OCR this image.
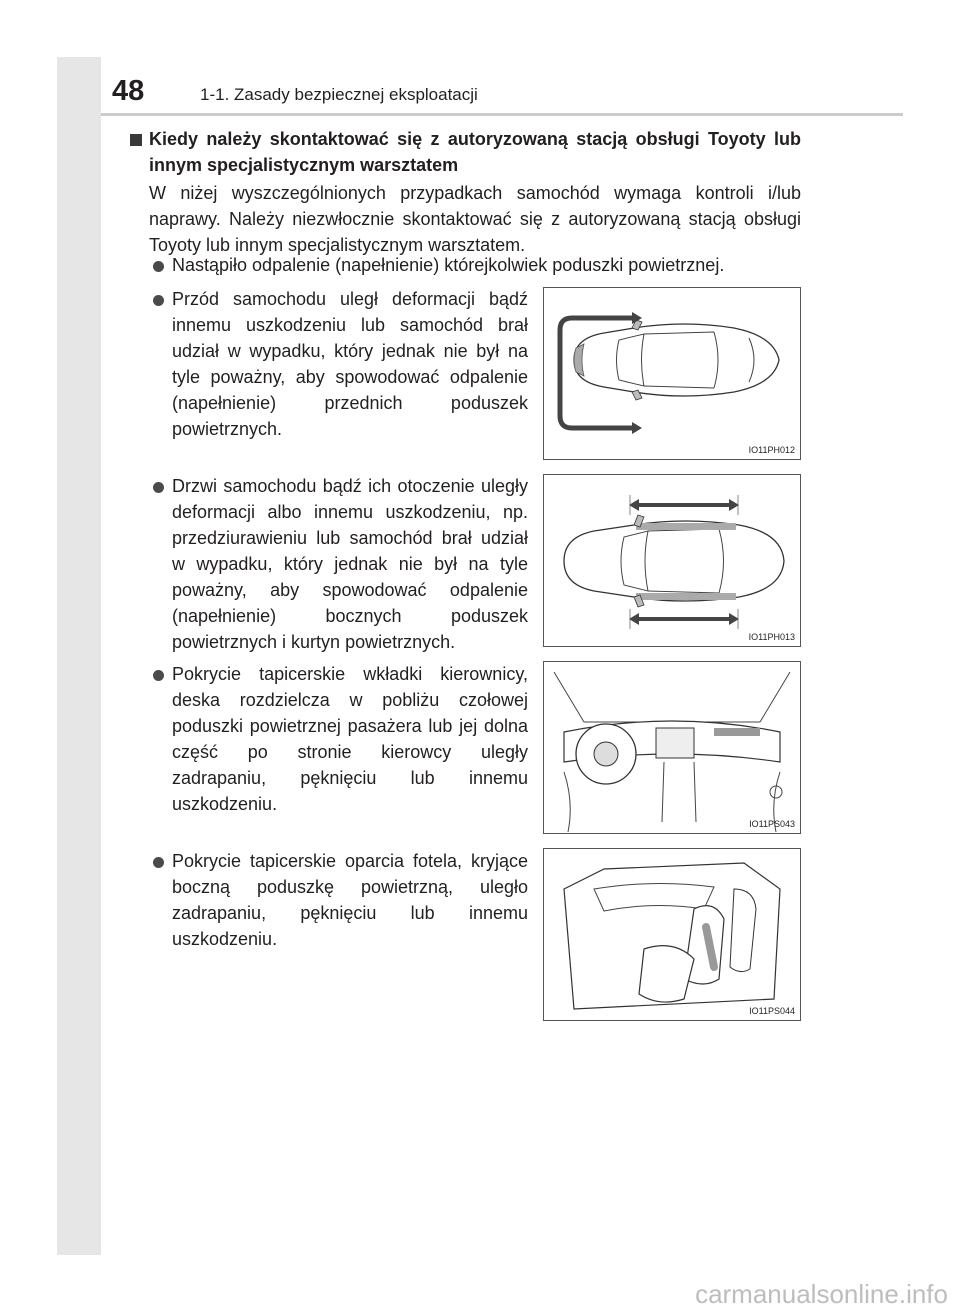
48	1-1. Zasady bezpiecznej eksploatacji
Kiedy należy skontaktować się z autoryzowaną stacją obsługi Toyoty lub innym specjalistycznym warsztatem
W niżej wyszczególnionych przypadkach samochód wymaga kontroli i/lub naprawy. Należy niezwłocznie skontaktować się z autoryzowaną stacją obsługi Toyoty lub innym specjalistycznym warsztatem.
Nastąpiło odpalenie (napełnienie) którejkolwiek poduszki powietrznej.
Przód samochodu uległ deformacji bądź innemu uszkodzeniu lub samochód brał udział w wypadku, który jednak nie był na tyle poważny, aby spowodować odpalenie (napełnienie) przednich poduszek powietrznych.
IO11PH012
Drzwi samochodu bądź ich otoczenie uległy deformacji albo innemu uszkodzeniu, np. przedziurawieniu lub samochód brał udział w wypadku, który jednak nie był na tyle poważny, aby spowodować odpalenie (napełnienie) bocznych poduszek powietrznych i kurtyn powietrznych.	IO11PH013
Pokrycie tapicerskie wkładki kierownicy, deska rozdzielcza w pobliżu czołowej poduszki powietrznej pasażera lub jej dolna część po stronie kierowcy uległy zadrapaniu, pęknięciu lub innemu uszkodzeniu.
IO11PS043
Pokrycie tapicerskie oparcia fotela, kryjące boczną poduszkę powietrzną, uległo zadrapaniu, pęknięciu lub innemu uszkodzeniu.
IO11PS044
carmanualsonline.info
